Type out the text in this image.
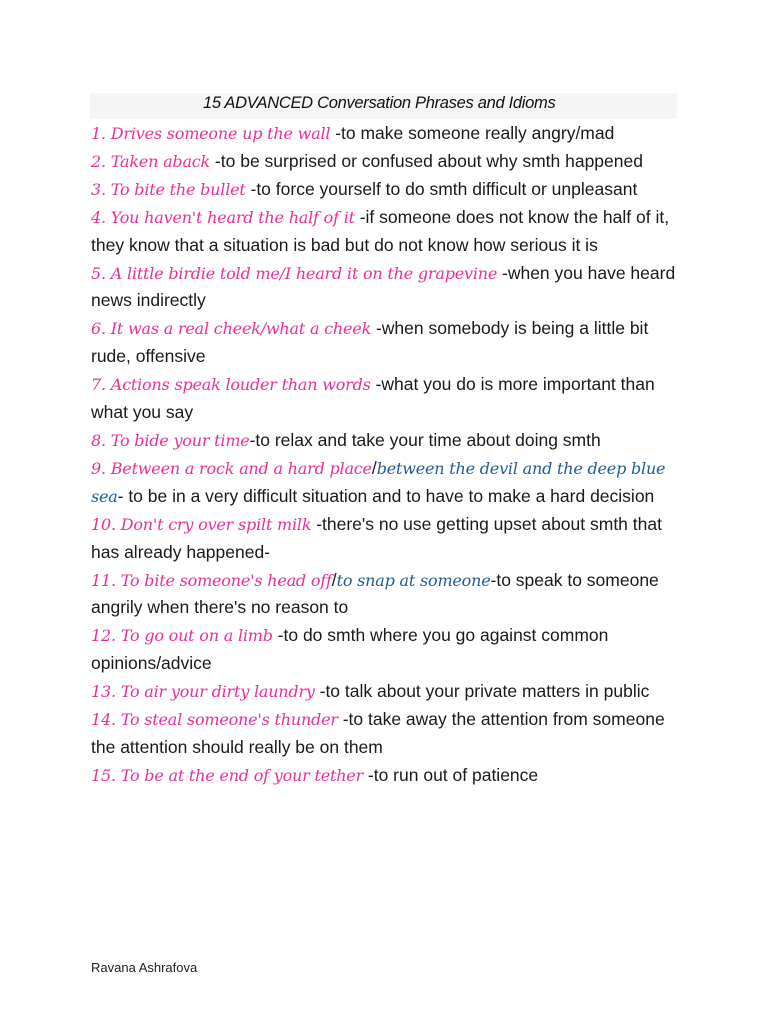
15 ADVANCED Conversation Phrases and Idioms

1. Drives someone up the wall -to make someone really angry/mad

2. Taken aback -to be surprised or confused about why smth happened

3. To bite the bullet -to force yourself to do smth difficult or unpleasant

4. You haven't heard the half of it -if someone does not know the half of it, they know that a situation is bad but do not know how serious it is

5. A little birdie told me/I heard it on the grapevine -when you have heard news indirectly

6. It was a real cheek/what a cheek -when somebody is being a little bit rude, offensive

7. Actions speak louder than words -what you do is more important than what you say

8. To bide your time-to relax and take your time about doing smth

9. Between a rock and a hard place/between the devil and the deep blue sea- to be in a very difficult situation and to have to make a hard decision

10. Don't cry over spilt milk -there's no use getting upset about smth that has already happened-

11. To bite someone's head off/to snap at someone-to speak to someone angrily when there's no reason to

12. To go out on a limb -to do smth where you go against common opinions/advice

13. To air your dirty laundry -to talk about your private matters in public

14. To steal someone's thunder -to take away the attention from someone the attention should really be on them

15. To be at the end of your tether -to run out of patience

Ravana Ashrafova
